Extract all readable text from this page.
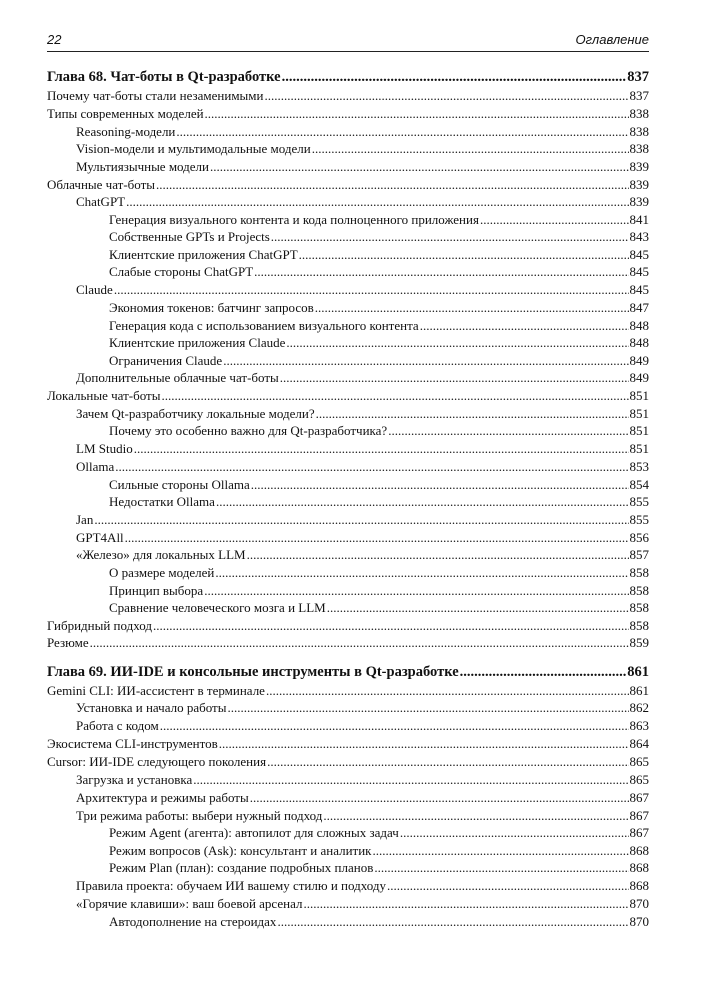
22	Оглавление
Глава 68. Чат-боты в Qt-разработке .....	837
Почему чат-боты стали незаменимыми .....	837
Типы современных моделей .....	838
Reasoning-модели .....	838
Vision-модели и мультимодальные модели .....	838
Мультиязычные модели .....	839
Облачные чат-боты .....	839
ChatGPT .....	839
Генерация визуального контента и кода полноценного приложения .....	841
Собственные GPTs и Projects .....	843
Клиентские приложения ChatGPT .....	845
Слабые стороны ChatGPT .....	845
Claude .....	845
Экономия токенов: батчинг запросов .....	847
Генерация кода с использованием визуального контента .....	848
Клиентские приложения Claude .....	848
Ограничения Claude .....	849
Дополнительные облачные чат-боты .....	849
Локальные чат-боты .....	851
Зачем Qt-разработчику локальные модели? .....	851
Почему это особенно важно для Qt-разработчика? .....	851
LM Studio .....	851
Ollama .....	853
Сильные стороны Ollama .....	854
Недостатки Ollama .....	855
Jan .....	855
GPT4All .....	856
«Железо» для локальных LLM .....	857
О размере моделей .....	858
Принцип выбора .....	858
Сравнение человеческого мозга и LLM .....	858
Гибридный подход .....	858
Резюме .....	859
Глава 69. ИИ-IDE и консольные инструменты в Qt-разработке .....	861
Gemini CLI: ИИ-ассистент в терминале .....	861
Установка и начало работы .....	862
Работа с кодом .....	863
Экосистема CLI-инструментов .....	864
Cursor: ИИ-IDE следующего поколения .....	865
Загрузка и установка .....	865
Архитектура и режимы работы .....	867
Три режима работы: выбери нужный подход .....	867
Режим Agent (агента): автопилот для сложных задач .....	867
Режим вопросов (Ask): консультант и аналитик .....	868
Режим Plan (план): создание подробных планов .....	868
Правила проекта: обучаем ИИ вашему стилю и подходу .....	868
«Горячие клавиши»: ваш боевой арсенал .....	870
Автодополнение на стероидах .....	870
